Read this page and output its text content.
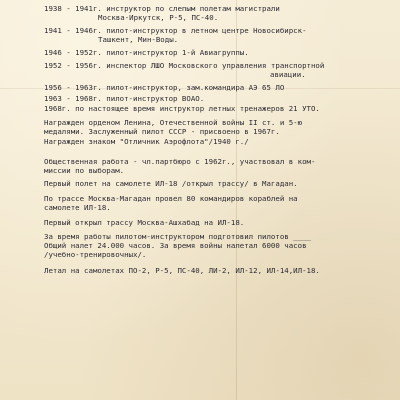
1938 - 1941г. инструктор по слепым полетам магистрали
Москва-Иркутск, Р-5, ПС-40.
1941 - 1946г. пилот-инструктор в летном центре Новосибирск-
Ташкент, Мин-Воды.
1946 - 1952г. пилот-инструктор 1-й Авиагруппы.
1952 - 1956г. инспектор ЛШО Московского управления транспортной
авиации.
1956 - 1963г. пилот-инструктор, зам.командира АЭ 65 ЛО
1963 - 1968г. пилот-инструктор ВОАО.
1968г. по настоящее время инструктор летных тренажеров 21 УТО.
Награжден орденом Ленина, Отечественной войны II ст. и 5-ю
медалями. Заслуженный пилот СССР - присвоено в 1967г.
Награжден знаком "Отличник Аэрофлота"/1940 г./
Общественная работа - чл.партбюро с 1962г., участвовал в ком-
миссии по выборам.
Первый полет на самолете ИЛ-18 /открыл трассу/ в Магадан.
По трассе Москва-Магадан провел 80 командиров кораблей на
самолете ИЛ-18.
Первый открыл трассу Москва-Ашхабад на ИЛ-18.
За время работы пилотом-инструктором подготовил пилотов ____
Общий налет 24.000 часов. За время войны налетал 6000 часов
/учебно-тренировочных/.
Летал на самолетах ПО-2, Р-5, ПС-40, ЛИ-2, ИЛ-12, ИЛ-14,ИЛ-18.
